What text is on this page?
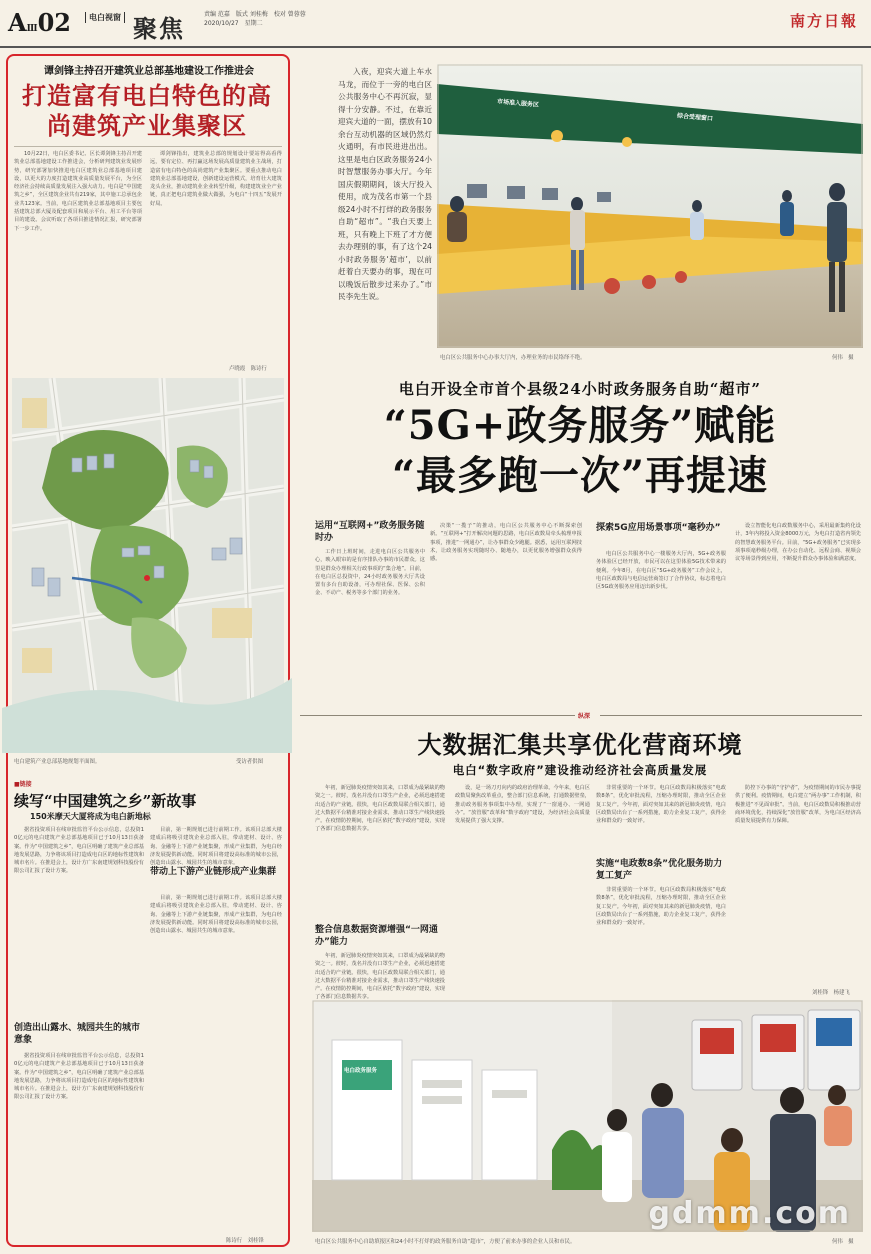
AⅢ02	电白视窗 聚焦	责编 范嘉　版式 刘桂梅　校对 曾蓉蓉
2020/10/27　星期二	南方日報
谭剑锋主持召开建筑业总部基地建设工作推进会
打造富有电白特色的高尚建筑产业集聚区

10月22日，电白区委书记、区长谭剑锋主持召开建筑业总部基地建设工作推进会，分析研判建筑业发展形势，研究部署加快推进电白区建筑业总部基地项目建设，以更大的力度打造建筑业高质量发展平台，为全区经济社会持续高质量发展注入强大动力。电白是“中国建筑之乡”，全区建筑企业共有219家，其中施工总承包企业共123家。当前，电白区建筑业总部基地项目主要包括建筑总部大厦及配套项目和展示平台、用工平台等项目的建设。会议听取了各项目推进情况汇报，研究部署下一步工作。

谭剑锋指出，建筑业总部的规划设计要站得高看得远，要有定位、再打赢这场发展高质量建筑业主战场，打造富有电白特色的高尚建筑产业集聚区。要重点推动电白建筑业总部基地建设，创新建设运营模式，培育壮大建筑龙头企业，推动建筑业企业转型升级，构建建筑业全产业链，真正把电白建筑业做大做强，为电白“十四五”发展开好局。

卢晓霞　陈诗行
电白建筑产业总部基地规划平面图。	受访者供图
■链接
续写“中国建筑之乡”新故事
150米摩天大厦将成为电白新地标

据省投资项目在线审批监管平台公示信息，总投资10亿元的电白建筑产业总部基地项目已于10月13日获备案。作为“中国建筑之乡”，电白区明确了建筑产业总部基地发展思路，力争将该项目打造成电白区的地标性建筑和城市名片。在推进会上，设计方广东南建规划科技股份有限公司汇报了设计方案。

创造出山露水、城园共生的城市意象

据省投资项目在线审批监管平台公示信息，总投资10亿元的电白建筑产业总部基地项目已于10月13日获备案。作为“中国建筑之乡”，电白区明确了建筑产业总部基地发展思路，力争将该项目打造成电白区的地标性建筑和城市名片。在推进会上，设计方广东南建规划科技股份有限公司汇报了设计方案。

目前，第一期规划已进行前期工作。该项目总部大楼建成后将吸引建筑企业总部入驻，带动建材、设计、咨询、金融等上下游产业链集聚，形成产业集群，为电白经济发展提供新动能。同时项目将建设高标准的城市公园，创造出山露水、城园共生的城市意象。

带动上下游产业链形成产业集群

目前，第一期规划已进行前期工作。该项目总部大楼建成后将吸引建筑企业总部入驻，带动建材、设计、咨询、金融等上下游产业链集聚，形成产业集群，为电白经济发展提供新动能。同时项目将建设高标准的城市公园，创造出山露水、城园共生的城市意象。

陈诗行　刘桂锋

入夜，迎宾大道上车水马龙，而位于一旁的电白区公共服务中心不再沉寂，显得十分安静。不过，在靠近迎宾大道的一面，摆放有10余台互动机器的区域仍然灯火通明，有市民进进出出。这里是电白区政务服务24小时智慧服务办事大厅。今年国庆假期期间，该大厅投入使用，成为茂名市第一个县级24小时不打烊的政务服务自助“超市”。“我白天要上班，只有晚上下班了才方便去办理别的事，有了这个24小时政务服务‘超市’，以前赶着白天要办的事，现在可以晚饭后散步过来办了。”市民李先生说。

市场准入服务区
综合受理窗口
电白区公共服务中心办事大厅内，办理业务的市民络绎不绝。	何伟　摄
电白开设全市首个县级24小时政务服务自助“超市”
“5G+政务服务”赋能
“最多跑一次”再提速
运用“互联网+”政务服务随时办

工作日上班时间，走进电白区公共服务中心，映入眼帘的是有序排队办事的市民群众。这里是群众办理相关行政事项的“集合地”。目前，在电白区总投资中，24小时政务服务大厅共设置有多台自助设备，可办理社保、医保、公积金、不动产、税务等多个部门的业务。

决策“一揽子”的推动，电白区公共服务中心不断探索创新。“互联网+”打开解决问题的思路，电白区政数局牵头梳理申报事项，推进“一网通办”，让办事群众少跑腿。据悉，运用互联网技术，让政务服务实现随时办、随地办，以更优服务增强群众获得感。

探索5G应用场景事项“毫秒办”

电白区公共服务中心一楼服务大厅内，5G+政务服务体验区已经开放，市民可以在这里体验5G技术带来的便利。今年8月，在电白区“5G+政务服务”工作会议上，电白区政数局与电信运营商签订了合作协议，标志着电白区5G政务服务应用迈出新步伐。

设立智能化电白政数服务中心，采用最新集约化设计，3年内将投入资金8000万元，为电白打造省内领先的智慧政务服务平台。目前，“5G+政务服务”已实现多项事项毫秒级办理，在办公自动化、远程会商、视频会议等场景得到应用，不断提升群众办事体验和满意度。

纵深
大数据汇集共享优化营商环境
电白“数字政府”建设推动经济社会高质量发展

年初，新冠肺炎疫情突如其来，口罩成为最紧缺的物资之一。彼时，茂名并没有口罩生产企业，必须迅速搭建出适合的产业链。很快，电白区政数局联合相关部门，通过大数据平台精准对接企业需求，推动口罩生产线快速投产。在疫情防控期间，电白区依托“数字政府”建设，实现了各部门信息数据共享。

整合信息数据资源增强“一网通办”能力

年初，新冠肺炎疫情突如其来，口罩成为最紧缺的物资之一。彼时，茂名并没有口罩生产企业，必须迅速搭建出适合的产业链。很快，电白区政数局联合相关部门，通过大数据平台精准对接企业需求，推动口罩生产线快速投产。在疫情防控期间，电白区依托“数字政府”建设，实现了各部门信息数据共享。

设，是一场刀刃向内的政府治理革命。今年来，电白区政数局聚焦改革重点，整合部门信息系统，打通数据壁垒，推动政务服务事项集中办理，实现了“一窗通办、一网通办”。“放管服”改革和“数字政府”建设，为经济社会高质量发展提供了强大支撑。

非常重要的一个环节。电白区政数局积极落实“电政数8条”，优化审批流程，压缩办理时限，推动全区企业复工复产。今年初，面对突如其来的新冠肺炎疫情，电白区政数局出台了一系列措施，助力企业复工复产，获得企业和群众的一致好评。

实施“电政数8条”优化服务助力复工复产

非常重要的一个环节。电白区政数局积极落实“电政数8条”，优化审批流程，压缩办理时限，推动全区企业复工复产。今年初，面对突如其来的新冠肺炎疫情，电白区政数局出台了一系列措施，助力企业复工复产，获得企业和群众的一致好评。

防控下办事的“守护者”，为疫情期间的市民办事提供了便利。疫情期间，电白建立“两办事”工作机制，积极推进“不见面审批”。当前，电白区政数局积极推动营商环境优化，持续深化“放管服”改革，为电白区经济高质量发展提供有力保障。

刘桂锋　杨建飞
电白政务服务
电白区公共服务中心自助填报区和24小时不打烊的政务服务自助“超市”，方便了前来办事的企业人员和市民。	何伟　摄
gdmm.com
